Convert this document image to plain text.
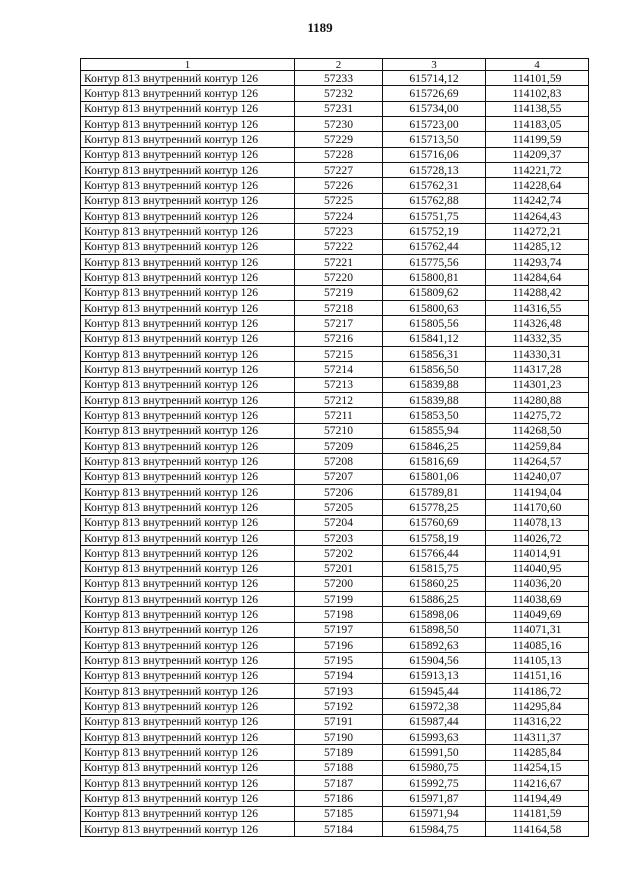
1189
1	2	3	4
Контур 813 внутренний контур 126	57233	615714,12	114101,59
Контур 813 внутренний контур 126	57232	615726,69	114102,83
Контур 813 внутренний контур 126	57231	615734,00	114138,55
Контур 813 внутренний контур 126	57230	615723,00	114183,05
Контур 813 внутренний контур 126	57229	615713,50	114199,59
Контур 813 внутренний контур 126	57228	615716,06	114209,37
Контур 813 внутренний контур 126	57227	615728,13	114221,72
Контур 813 внутренний контур 126	57226	615762,31	114228,64
Контур 813 внутренний контур 126	57225	615762,88	114242,74
Контур 813 внутренний контур 126	57224	615751,75	114264,43
Контур 813 внутренний контур 126	57223	615752,19	114272,21
Контур 813 внутренний контур 126	57222	615762,44	114285,12
Контур 813 внутренний контур 126	57221	615775,56	114293,74
Контур 813 внутренний контур 126	57220	615800,81	114284,64
Контур 813 внутренний контур 126	57219	615809,62	114288,42
Контур 813 внутренний контур 126	57218	615800,63	114316,55
Контур 813 внутренний контур 126	57217	615805,56	114326,48
Контур 813 внутренний контур 126	57216	615841,12	114332,35
Контур 813 внутренний контур 126	57215	615856,31	114330,31
Контур 813 внутренний контур 126	57214	615856,50	114317,28
Контур 813 внутренний контур 126	57213	615839,88	114301,23
Контур 813 внутренний контур 126	57212	615839,88	114280,88
Контур 813 внутренний контур 126	57211	615853,50	114275,72
Контур 813 внутренний контур 126	57210	615855,94	114268,50
Контур 813 внутренний контур 126	57209	615846,25	114259,84
Контур 813 внутренний контур 126	57208	615816,69	114264,57
Контур 813 внутренний контур 126	57207	615801,06	114240,07
Контур 813 внутренний контур 126	57206	615789,81	114194,04
Контур 813 внутренний контур 126	57205	615778,25	114170,60
Контур 813 внутренний контур 126	57204	615760,69	114078,13
Контур 813 внутренний контур 126	57203	615758,19	114026,72
Контур 813 внутренний контур 126	57202	615766,44	114014,91
Контур 813 внутренний контур 126	57201	615815,75	114040,95
Контур 813 внутренний контур 126	57200	615860,25	114036,20
Контур 813 внутренний контур 126	57199	615886,25	114038,69
Контур 813 внутренний контур 126	57198	615898,06	114049,69
Контур 813 внутренний контур 126	57197	615898,50	114071,31
Контур 813 внутренний контур 126	57196	615892,63	114085,16
Контур 813 внутренний контур 126	57195	615904,56	114105,13
Контур 813 внутренний контур 126	57194	615913,13	114151,16
Контур 813 внутренний контур 126	57193	615945,44	114186,72
Контур 813 внутренний контур 126	57192	615972,38	114295,84
Контур 813 внутренний контур 126	57191	615987,44	114316,22
Контур 813 внутренний контур 126	57190	615993,63	114311,37
Контур 813 внутренний контур 126	57189	615991,50	114285,84
Контур 813 внутренний контур 126	57188	615980,75	114254,15
Контур 813 внутренний контур 126	57187	615992,75	114216,67
Контур 813 внутренний контур 126	57186	615971,87	114194,49
Контур 813 внутренний контур 126	57185	615971,94	114181,59
Контур 813 внутренний контур 126	57184	615984,75	114164,58
